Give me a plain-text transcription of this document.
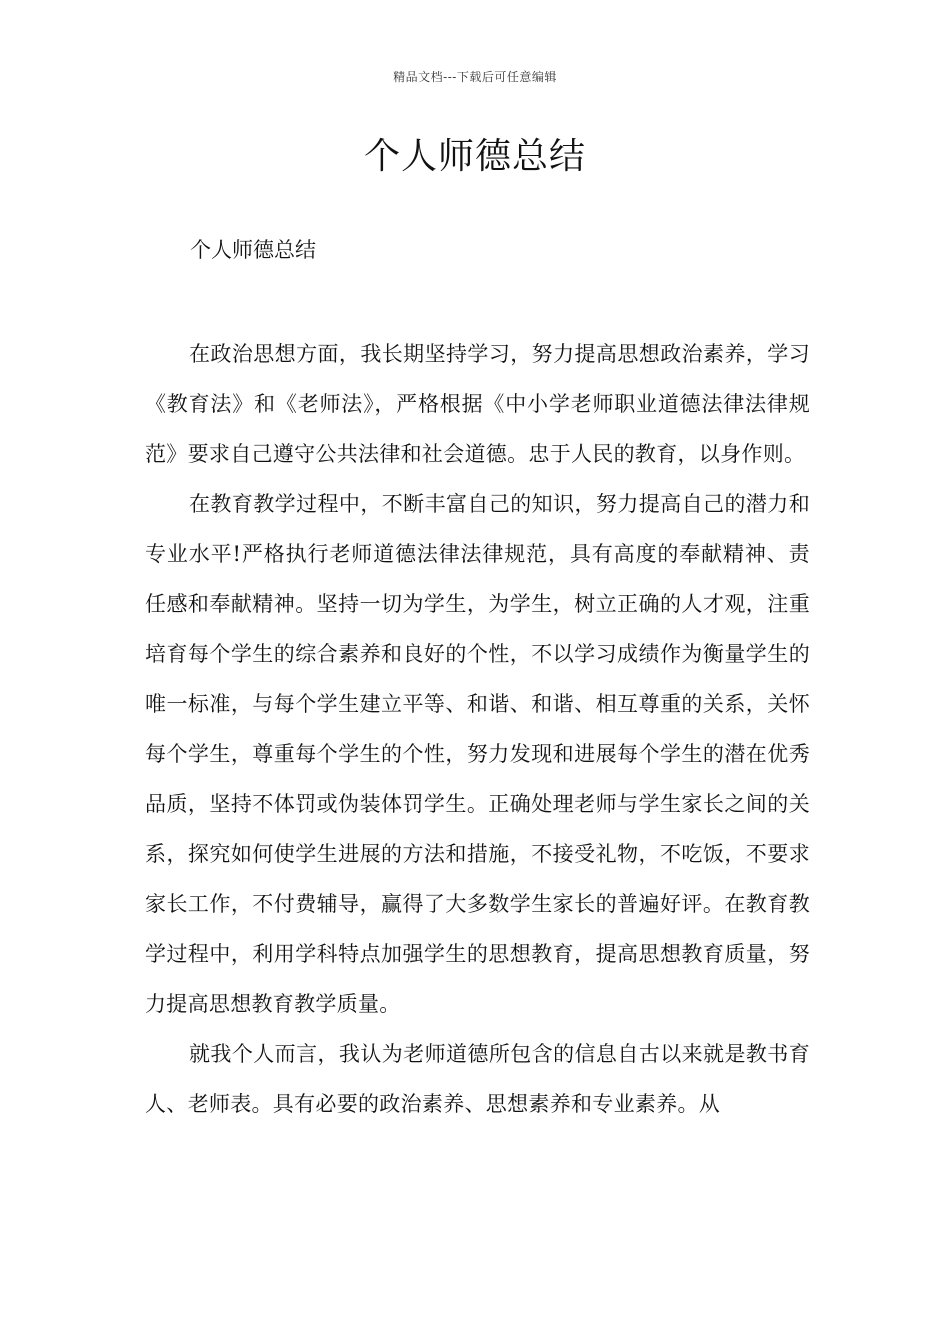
精品文档---下载后可任意编辑
个人师德总结
个人师德总结

在政治思想方面，我长期坚持学习，努力提高思想政治素养，学习《教育法》和《老师法》，严格根据《中小学老师职业道德法律法律规范》要求自己遵守公共法律和社会道德。忠于人民的教育，以身作则。

在教育教学过程中，不断丰富自己的知识，努力提高自己的潜力和专业水平!严格执行老师道德法律法律规范，具有高度的奉献精神、责任感和奉献精神。坚持一切为学生，为学生，树立正确的人才观，注重培育每个学生的综合素养和良好的个性，不以学习成绩作为衡量学生的唯一标准，与每个学生建立平等、和谐、和谐、相互尊重的关系，关怀每个学生，尊重每个学生的个性，努力发现和进展每个学生的潜在优秀品质，坚持不体罚或伪装体罚学生。正确处理老师与学生家长之间的关系，探究如何使学生进展的方法和措施，不接受礼物，不吃饭，不要求家长工作，不付费辅导，赢得了大多数学生家长的普遍好评。在教育教学过程中，利用学科特点加强学生的思想教育，提高思想教育质量，努力提高思想教育教学质量。

就我个人而言，我认为老师道德所包含的信息自古以来就是教书育人、老师表。具有必要的政治素养、思想素养和专业素养。从
